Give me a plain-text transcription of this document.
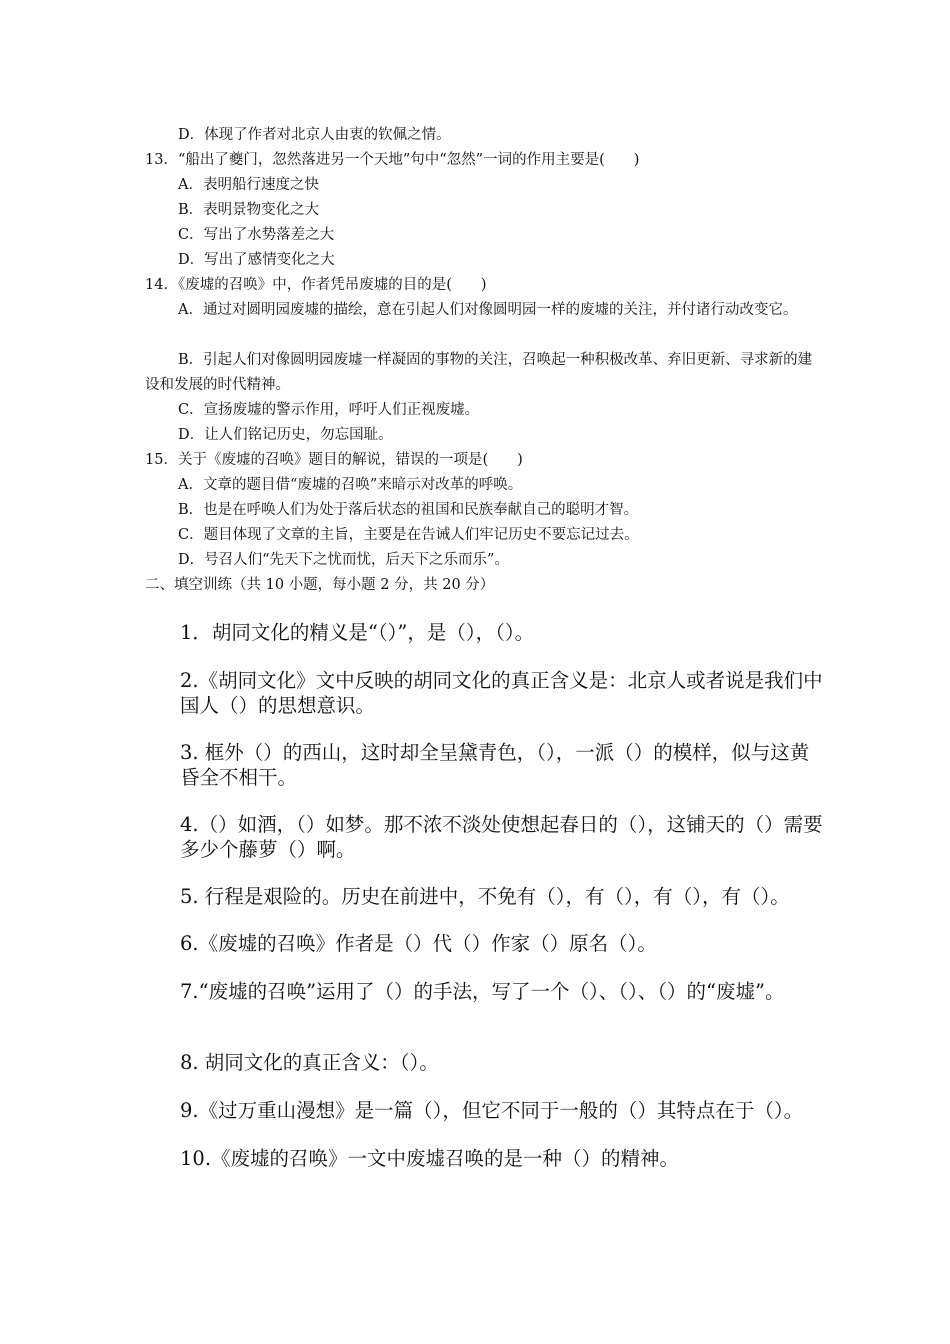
D．体现了作者对北京人由衷的钦佩之情。
13．“船出了夔门，忽然落进另一个天地”句中“忽然”一词的作用主要是(　　)
A．表明船行速度之快
B．表明景物变化之大
C．写出了水势落差之大
D．写出了感情变化之大
14．《废墟的召唤》中，作者凭吊废墟的目的是(　　)
A．通过对圆明园废墟的描绘，意在引起人们对像圆明园一样的废墟的关注，并付诸行动改变它。
B．引起人们对像圆明园废墟一样凝固的事物的关注，召唤起一种积极改革、弃旧更新、寻求新的建设和发展的时代精神。
C．宣扬废墟的警示作用，呼吁人们正视废墟。
D．让人们铭记历史，勿忘国耻。
15．关于《废墟的召唤》题目的解说，错误的一项是(　　)
A．文章的题目借“废墟的召唤”来暗示对改革的呼唤。
B．也是在呼唤人们为处于落后状态的祖国和民族奉献自己的聪明才智。
C．题目体现了文章的主旨，主要是在告诫人们牢记历史不要忘记过去。
D．号召人们“先天下之忧而忧，后天下之乐而乐”。
二、填空训练（共 10 小题，每小题 2 分，共 20 分）
1．胡同文化的精义是“（）”，是（），（）。
2.《胡同文化》文中反映的胡同文化的真正含义是：北京人或者说是我们中国人（）的思想意识。
3. 框外（）的西山，这时却全呈黛青色，（），一派（）的模样，似与这黄昏全不相干。
4.（）如酒，（）如梦。那不浓不淡处使想起春日的（），这铺天的（）需要多少个藤萝（）啊。
5. 行程是艰险的。历史在前进中，不免有（），有（），有（），有（）。
6.《废墟的召唤》作者是（）代（）作家（）原名（）。
7.“废墟的召唤”运用了（）的手法，写了一个（）、（）、（）的“废墟”。
8. 胡同文化的真正含义：（）。
9.《过万重山漫想》是一篇（），但它不同于一般的（）其特点在于（）。
10.《废墟的召唤》一文中废墟召唤的是一种（）的精神。
